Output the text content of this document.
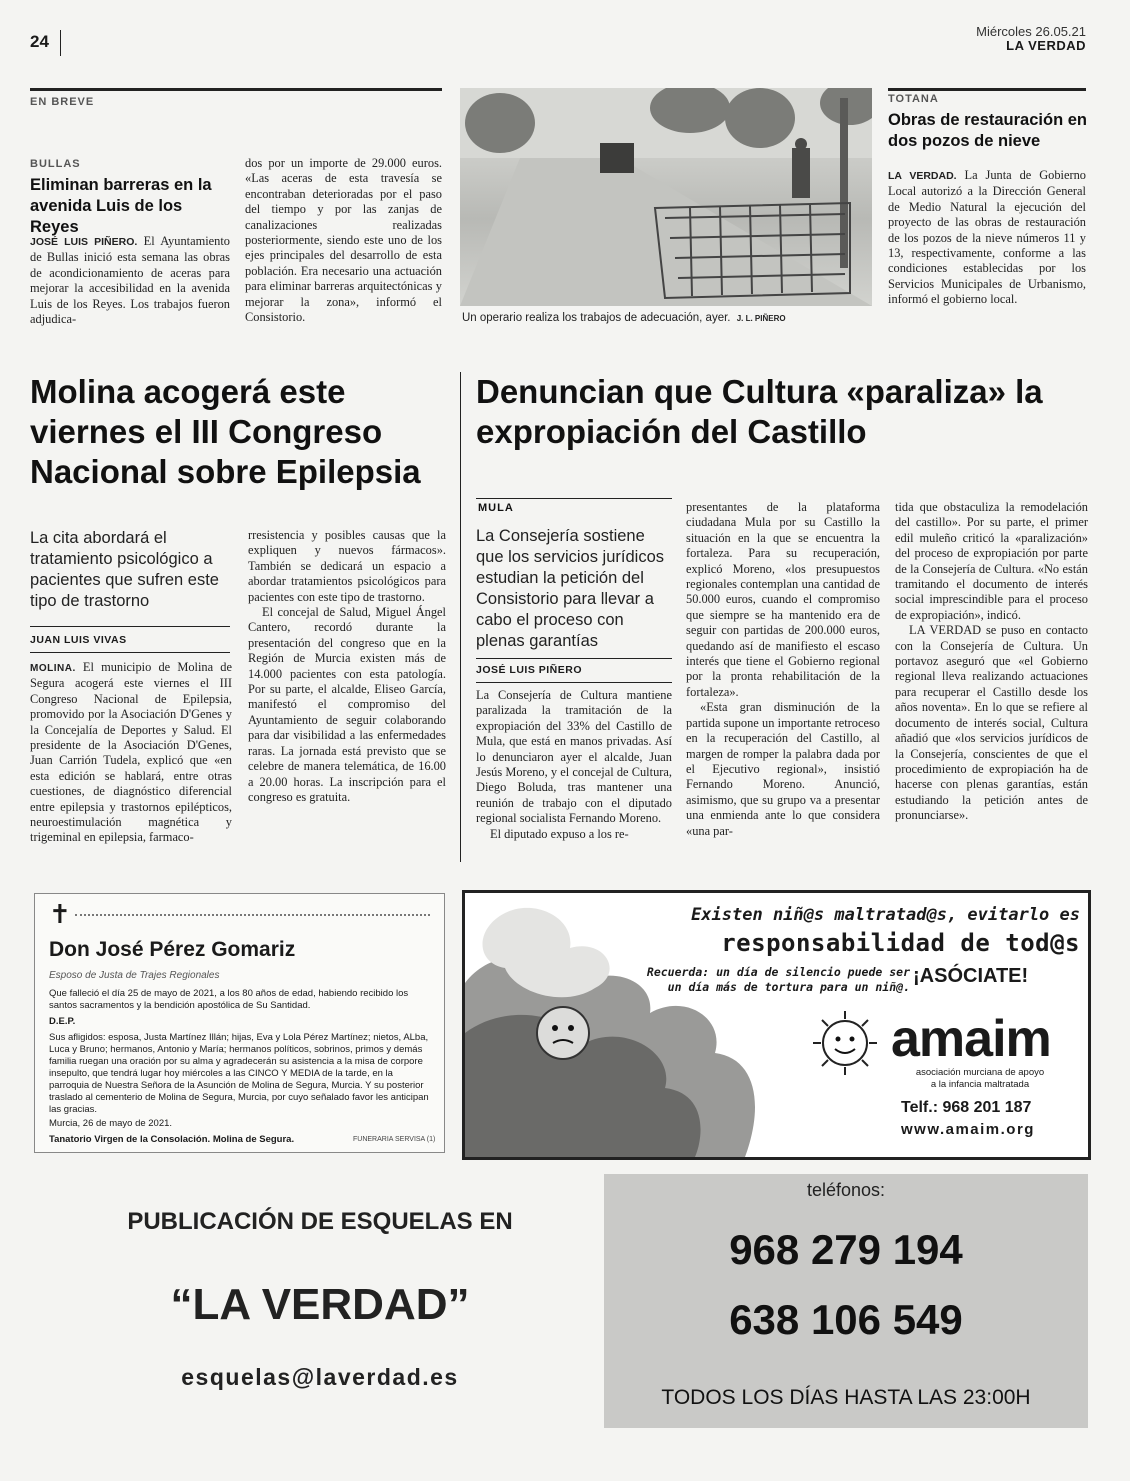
24
Miércoles 26.05.21
LA VERDAD
EN BREVE
BULLAS
Eliminan barreras en la avenida Luis de los Reyes

JOSÉ LUIS PIÑERO. El Ayuntamiento de Bullas inició esta semana las obras de acondicionamiento de aceras para mejorar la accesibilidad en la avenida Luis de los Reyes. Los trabajos fueron adjudica-

dos por un importe de 29.000 euros. «Las aceras de esta travesía se encontraban deterioradas por el paso del tiempo y por las zanjas de canalizaciones realizadas posteriormente, siendo este uno de los ejes principales del desarrollo de esta población. Era necesario una actuación para eliminar barreras arquitectónicas y mejorar la zona», informó el Consistorio.	Un operario realiza los trabajos de adecuación, ayer. J. L. PIÑERO
TOTANA
Obras de restauración en dos pozos de nieve

LA VERDAD. La Junta de Gobierno Local autorizó a la Dirección General de Medio Natural la ejecución del proyecto de las obras de restauración de los pozos de la nieve números 11 y 13, respectivamente, conforme a las condiciones establecidas por los Servicios Municipales de Urbanismo, informó el gobierno local.

Molina acogerá este viernes el III Congreso Nacional sobre Epilepsia
La cita abordará el tratamiento psicológico a pacientes que sufren este tipo de trastorno
JUAN LUIS VIVAS

MOLINA. El municipio de Molina de Segura acogerá este viernes el III Congreso Nacional de Epilepsia, promovido por la Asociación D'Genes y la Concejalía de Deportes y Salud. El presidente de la Asociación D'Genes, Juan Carrión Tudela, explicó que «en esta edición se hablará, entre otras cuestiones, de diagnóstico diferencial entre epilepsia y trastornos epilépticos, neuroestimulación magnética y trigeminal en epilepsia, farmaco-

rresistencia y posibles causas que la expliquen y nuevos fármacos». También se dedicará un espacio a abordar tratamientos psicológicos para pacientes con este tipo de trastorno.

El concejal de Salud, Miguel Ángel Cantero, recordó durante la presentación del congreso que en la Región de Murcia existen más de 14.000 pacientes con esta patología. Por su parte, el alcalde, Eliseo García, manifestó el compromiso del Ayuntamiento de seguir colaborando para dar visibilidad a las enfermedades raras. La jornada está previsto que se celebre de manera telemática, de 16.00 a 20.00 horas. La inscripción para el congreso es gratuita.

Denuncian que Cultura «paraliza» la expropiación del Castillo
MULA
La Consejería sostiene que los servicios jurídicos estudian la petición del Consistorio para llevar a cabo el proceso con plenas garantías
JOSÉ LUIS PIÑERO

La Consejería de Cultura mantiene paralizada la tramitación de la expropiación del 33% del Castillo de Mula, que está en manos privadas. Así lo denunciaron ayer el alcalde, Juan Jesús Moreno, y el concejal de Cultura, Diego Boluda, tras mantener una reunión de trabajo con el diputado regional socialista Fernando Moreno.

El diputado expuso a los re-

presentantes de la plataforma ciudadana Mula por su Castillo la situación en la que se encuentra la fortaleza. Para su recuperación, explicó Moreno, «los presupuestos regionales contemplan una cantidad de 50.000 euros, cuando el compromiso que siempre se ha mantenido era de seguir con partidas de 200.000 euros, quedando así de manifiesto el escaso interés que tiene el Gobierno regional por la pronta rehabilitación de la fortaleza».

«Esta gran disminución de la partida supone un importante retroceso en la recuperación del Castillo, al margen de romper la palabra dada por el Ejecutivo regional», insistió Fernando Moreno. Anunció, asimismo, que su grupo va a presentar una enmienda ante lo que considera «una par-

tida que obstaculiza la remodelación del castillo». Por su parte, el primer edil muleño criticó la «paralización» del proceso de expropiación por parte de la Consejería de Cultura. «No están tramitando el documento de interés social imprescindible para el proceso de expropiación», indicó.

LA VERDAD se puso en contacto con la Consejería de Cultura. Un portavoz aseguró que «el Gobierno regional lleva realizando actuaciones para recuperar el Castillo desde los años noventa». En lo que se refiere al documento de interés social, Cultura añadió que «los servicios jurídicos de la Consejería, conscientes de que el procedimiento de expropiación ha de hacerse con plenas garantías, están estudiando la petición antes de pronunciarse».

✝
Don José Pérez Gomariz
Esposo de Justa de Trajes Regionales
Que falleció el día 25 de mayo de 2021, a los 80 años de edad, habiendo recibido los santos sacramentos y la bendición apostólica de Su Santidad.
D.E.P.
Sus afligidos: esposa, Justa Martínez Illán; hijas, Eva y Lola Pérez Martínez; nietos, ALba, Luca y Bruno; hermanos, Antonio y María; hermanos políticos, sobrinos, primos y demás familia ruegan una oración por su alma y agradecerán su asistencia a la misa de corpore insepulto, que tendrá lugar hoy miércoles a las CINCO Y MEDIA de la tarde, en la parroquia de Nuestra Señora de la Asunción de Molina de Segura, Murcia. Y su posterior traslado al cementerio de Molina de Segura, Murcia, por cuyo señalado favor les anticipan las gracias.
Murcia, 26 de mayo de 2021.
Tanatorio Virgen de la Consolación. Molina de Segura.	FUNERARIA SERVISA (1)
Existen niñ@s maltratad@s, evitarlo es
responsabilidad de tod@s
Recuerda: un día de silencio puede ser
un día más de tortura para un niñ@. ¡ASÓCIATE!
amaim
asociación murciana de apoyo
a la infancia maltratada
Telf.: 968 201 187
www.amaim.org
PUBLICACIÓN DE ESQUELAS EN
“LA VERDAD”
esquelas@laverdad.es
teléfonos:
968 279 194
638 106 549
TODOS LOS DÍAS HASTA LAS 23:00H
